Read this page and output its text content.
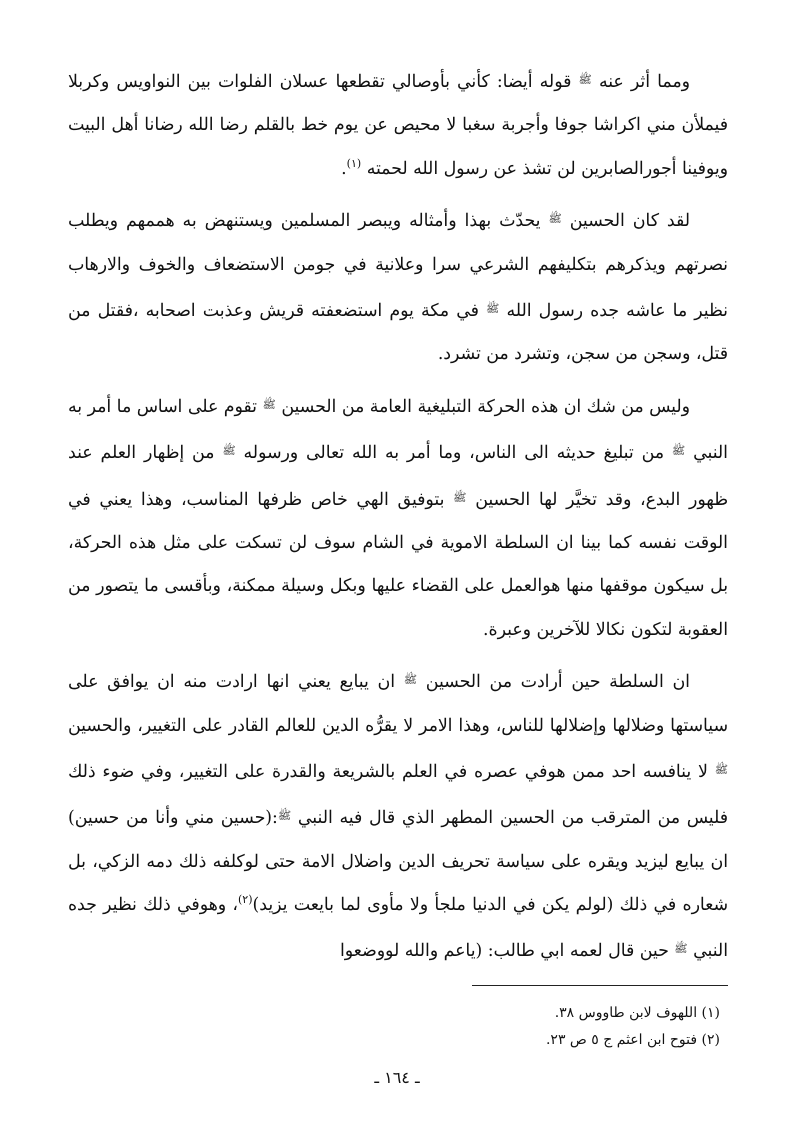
ومما أثر عنه $^ﷺ$ قوله أيضا: كأني بأوصالي تقطعها عسلان الفلوات بين النواويس وكربلا فيملأن مني اكراشا جوفا وأجربة سغبا لا محيص عن يوم خط بالقلم رضا الله رضانا أهل البيت ويوفينا أجورالصابرين لن تشذ عن رسول الله لحمته $^{(١)}$.

لقد كان الحسين $^ﷺ$ يحدّث بهذا وأمثاله ويبصر المسلمين ويستنهض به هممهم ويطلب نصرتهم ويذكرهم بتكليفهم الشرعي سرا وعلانية في جومن الاستضعاف والخوف والارهاب نظير ما عاشه جده رسول الله $^ﷺ$ في مكة يوم استضعفته قريش وعذبت اصحابه ،فقتل من قتل، وسجن من سجن، وتشرد من تشرد.

وليس من شك ان هذه الحركة التبليغية العامة من الحسين $^ﷺ$ تقوم على اساس ما أمر به النبي $^ﷺ$ من تبليغ حديثه الى الناس، وما أمر به الله تعالى ورسوله $^ﷺ$ من إظهار العلم عند ظهور البدع، وقد تخيَّر لها الحسين $^ﷺ$ بتوفيق الهي خاص ظرفها المناسب، وهذا يعني في الوقت نفسه كما بينا ان السلطة الاموية في الشام سوف لن تسكت على مثل هذه الحركة، بل سيكون موقفها منها هوالعمل على القضاء عليها وبكل وسيلة ممكنة، وبأقسى ما يتصور من العقوبة لتكون نكالا للآخرين وعبرة.

ان السلطة حين أرادت من الحسين $^ﷺ$ ان يبايع يعني انها ارادت منه ان يوافق على سياستها وضلالها وإضلالها للناس، وهذا الامر لا يقرُّه الدين للعالم القادر على التغيير، والحسين $^ﷺ$ لا ينافسه احد ممن هوفي عصره في العلم بالشريعة والقدرة على التغيير، وفي ضوء ذلك فليس من المترقب من الحسين المطهر الذي قال فيه النبي $^ﷺ$:(حسين مني وأنا من حسين) ان يبايع ليزيد ويقره على سياسة تحريف الدين واضلال الامة حتى لوكلفه ذلك دمه الزكي، بل شعاره في ذلك (لولم يكن في الدنيا ملجأ ولا مأوى لما بايعت يزيد)$^{(٢)}$، وهوفي ذلك نظير جده النبي $^ﷺ$ حين قال لعمه ابي طالب: (ياعم والله لووضعوا

(١) اللهوف لابن طاووس ٣٨.

(٢) فتوح ابن اعثم ج ٥ ص ٢٣.

ـ ١٦٤ ـ
